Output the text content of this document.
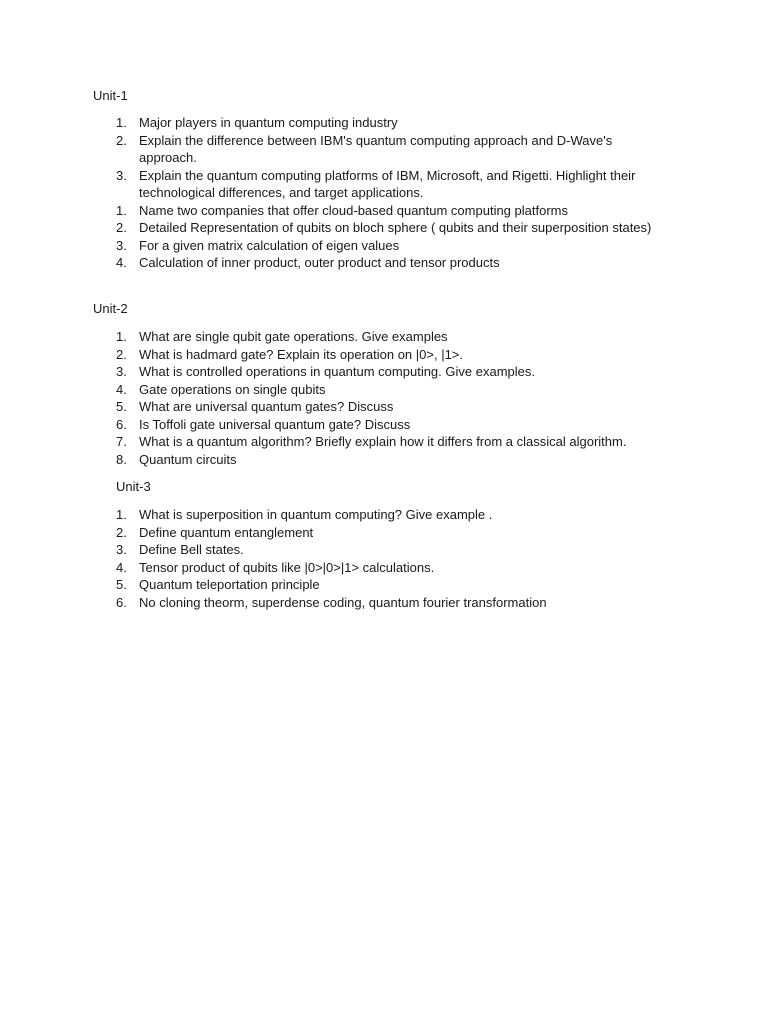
Unit-1
1. Major players in quantum computing industry
2. Explain the difference between IBM's quantum computing approach and D-Wave's approach.
3. Explain the quantum computing platforms of IBM, Microsoft, and Rigetti. Highlight their technological differences, and target applications.
1. Name two companies that offer cloud-based quantum computing platforms
2. Detailed Representation of qubits on bloch sphere ( qubits and their superposition states)
3. For a given matrix calculation of eigen values
4. Calculation of inner product, outer product and tensor products
Unit-2
1. What are single qubit gate operations. Give examples
2. What is hadmard gate? Explain its operation on |0>, |1>.
3. What is controlled operations in quantum computing. Give examples.
4. Gate operations on single qubits
5. What are universal quantum gates? Discuss
6. Is Toffoli gate universal quantum gate? Discuss
7. What is a quantum algorithm? Briefly explain how it differs from a classical algorithm.
8. Quantum circuits
Unit-3
1. What is superposition in quantum computing? Give example .
2. Define quantum entanglement
3. Define Bell states.
4. Tensor product of qubits like |0>|0>|1> calculations.
5. Quantum teleportation principle
6. No cloning theorm, superdense coding, quantum fourier transformation
